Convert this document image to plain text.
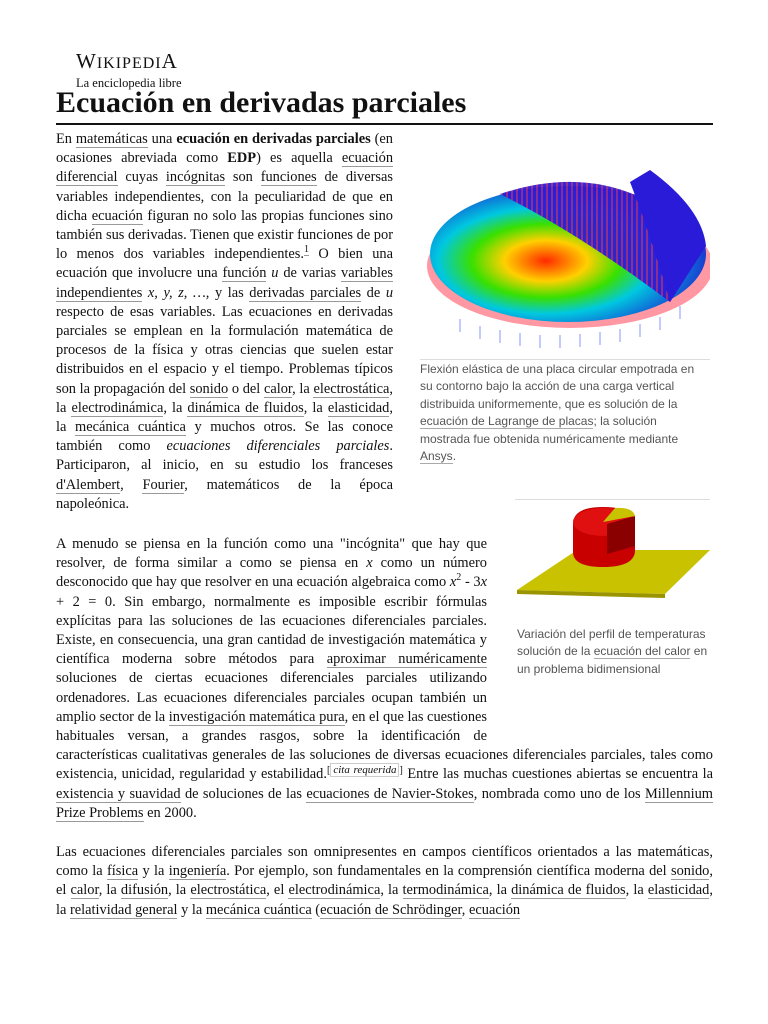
WIKIPEDIA
La enciclopedia libre
Ecuación en derivadas parciales
Flexión elástica de una placa circular empotrada en su contorno bajo la acción de una carga vertical distribuida uniformemente, que es solución de la ecuación de Lagrange de placas; la solución mostrada fue obtenida numéricamente mediante Ansys.
Variación del perfil de temperaturas solución de la ecuación del calor en un problema bidimensional

En matemáticas una ecuación en derivadas parciales (en ocasiones abreviada como EDP) es aquella ecuación diferencial cuyas incógnitas son funciones de diversas variables independientes, con la peculiaridad de que en dicha ecuación figuran no solo las propias funciones sino también sus derivadas. Tienen que existir funciones de por lo menos dos variables independientes.$^1$ O bien una ecuación que involucre una función u de varias variables independientes x, y, z, …, y las derivadas parciales de u respecto de esas variables. Las ecuaciones en derivadas parciales se emplean en la formulación matemática de procesos de la física y otras ciencias que suelen estar distribuidos en el espacio y el tiempo. Problemas típicos son la propagación del sonido o del calor, la electrostática, la electrodinámica, la dinámica de fluidos, la elasticidad, la mecánica cuántica y muchos otros. Se las conoce también como ecuaciones diferenciales parciales. Participaron, al inicio, en su estudio los franceses d'Alembert, Fourier, matemáticos de la época napoleónica.

A menudo se piensa en la función como una "incógnita" que hay que resolver, de forma similar a como se piensa en x como un número desconocido que hay que resolver en una ecuación algebraica como $x^2 - 3x + 2 = 0$. Sin embargo, normalmente es imposible escribir fórmulas explícitas para las soluciones de las ecuaciones diferenciales parciales. Existe, en consecuencia, una gran cantidad de investigación matemática y científica moderna sobre métodos para aproximar numéricamente soluciones de ciertas ecuaciones diferenciales parciales utilizando ordenadores. Las ecuaciones diferenciales parciales ocupan también un amplio sector de la investigación matemática pura, en el que las cuestiones habituales versan, a grandes rasgos, sobre la identificación de características cualitativas generales de las soluciones de diversas ecuaciones diferenciales parciales, tales como existencia, unicidad, regularidad y estabilidad.[ cita requerida ] Entre las muchas cuestiones abiertas se encuentra la existencia y suavidad de soluciones de las ecuaciones de Navier-Stokes, nombrada como uno de los Millennium Prize Problems en 2000.

Las ecuaciones diferenciales parciales son omnipresentes en campos científicos orientados a las matemáticas, como la física y la ingeniería. Por ejemplo, son fundamentales en la comprensión científica moderna del sonido, el calor, la difusión, la electrostática, el electrodinámica, la termodinámica, la dinámica de fluidos, la elasticidad, la relatividad general y la mecánica cuántica (ecuación de Schrödinger, ecuación
